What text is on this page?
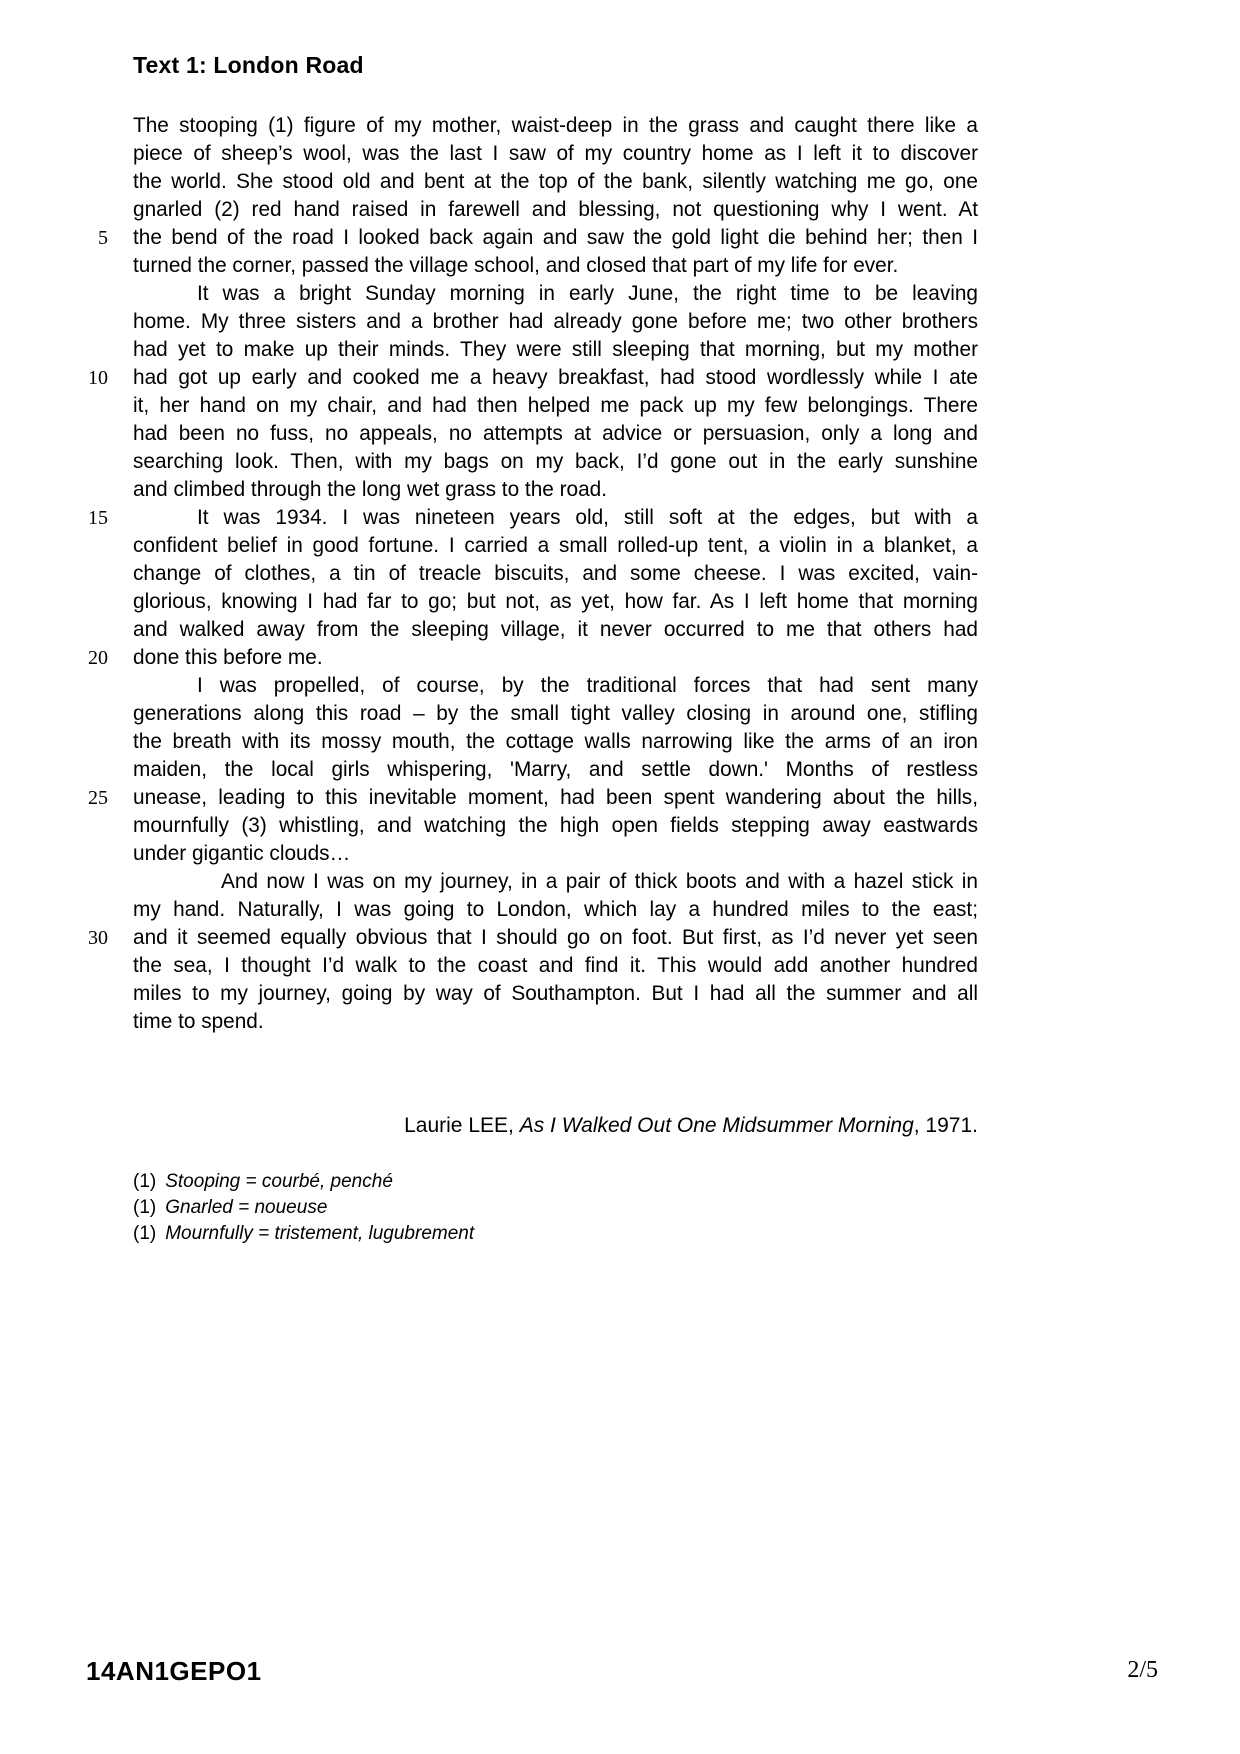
Text 1: London Road
The stooping (1) figure of my mother, waist-deep in the grass and caught there like a
piece of sheep’s wool, was the last I saw of my country home as I left it to discover
the world. She stood old and bent at the top of the bank, silently watching me go, one
gnarled (2) red hand raised in farewell and blessing, not questioning why I went. At
5 the bend of the road I looked back again and saw the gold light die behind her; then I
turned the corner, passed the village school, and closed that part of my life for ever.
It was a bright Sunday morning in early June, the right time to be leaving
home. My three sisters and a brother had already gone before me; two other brothers
had yet to make up their minds. They were still sleeping that morning, but my mother
10 had got up early and cooked me a heavy breakfast, had stood wordlessly while I ate
it, her hand on my chair, and had then helped me pack up my few belongings. There
had been no fuss, no appeals, no attempts at advice or persuasion, only a long and
searching look. Then, with my bags on my back, I’d gone out in the early sunshine
and climbed through the long wet grass to the road.
15	It was 1934. I was nineteen years old, still soft at the edges, but with a
confident belief in good fortune. I carried a small rolled-up tent, a violin in a blanket, a
change of clothes, a tin of treacle biscuits, and some cheese. I was excited, vain-
glorious, knowing I had far to go; but not, as yet, how far. As I left home that morning
and walked away from the sleeping village, it never occurred to me that others had
20 done this before me.
I was propelled, of course, by the traditional forces that had sent many
generations along this road – by the small tight valley closing in around one, stifling
the breath with its mossy mouth, the cottage walls narrowing like the arms of an iron
maiden, the local girls whispering, 'Marry, and settle down.' Months of restless
25 unease, leading to this inevitable moment, had been spent wandering about the hills,
mournfully (3) whistling, and watching the high open fields stepping away eastwards
under gigantic clouds…
And now I was on my journey, in a pair of thick boots and with a hazel stick in
my hand. Naturally, I was going to London, which lay a hundred miles to the east;
30 and it seemed equally obvious that I should go on foot. But first, as I’d never yet seen
the sea, I thought I’d walk to the coast and find it. This would add another hundred
miles to my journey, going by way of Southampton. But I had all the summer and all
time to spend.
Laurie LEE, As I Walked Out One Midsummer Morning, 1971.
(1) Stooping = courbé, penché
(1) Gnarled = noueuse
(1) Mournfully = tristement, lugubrement
14AN1GEPO1	2/5
